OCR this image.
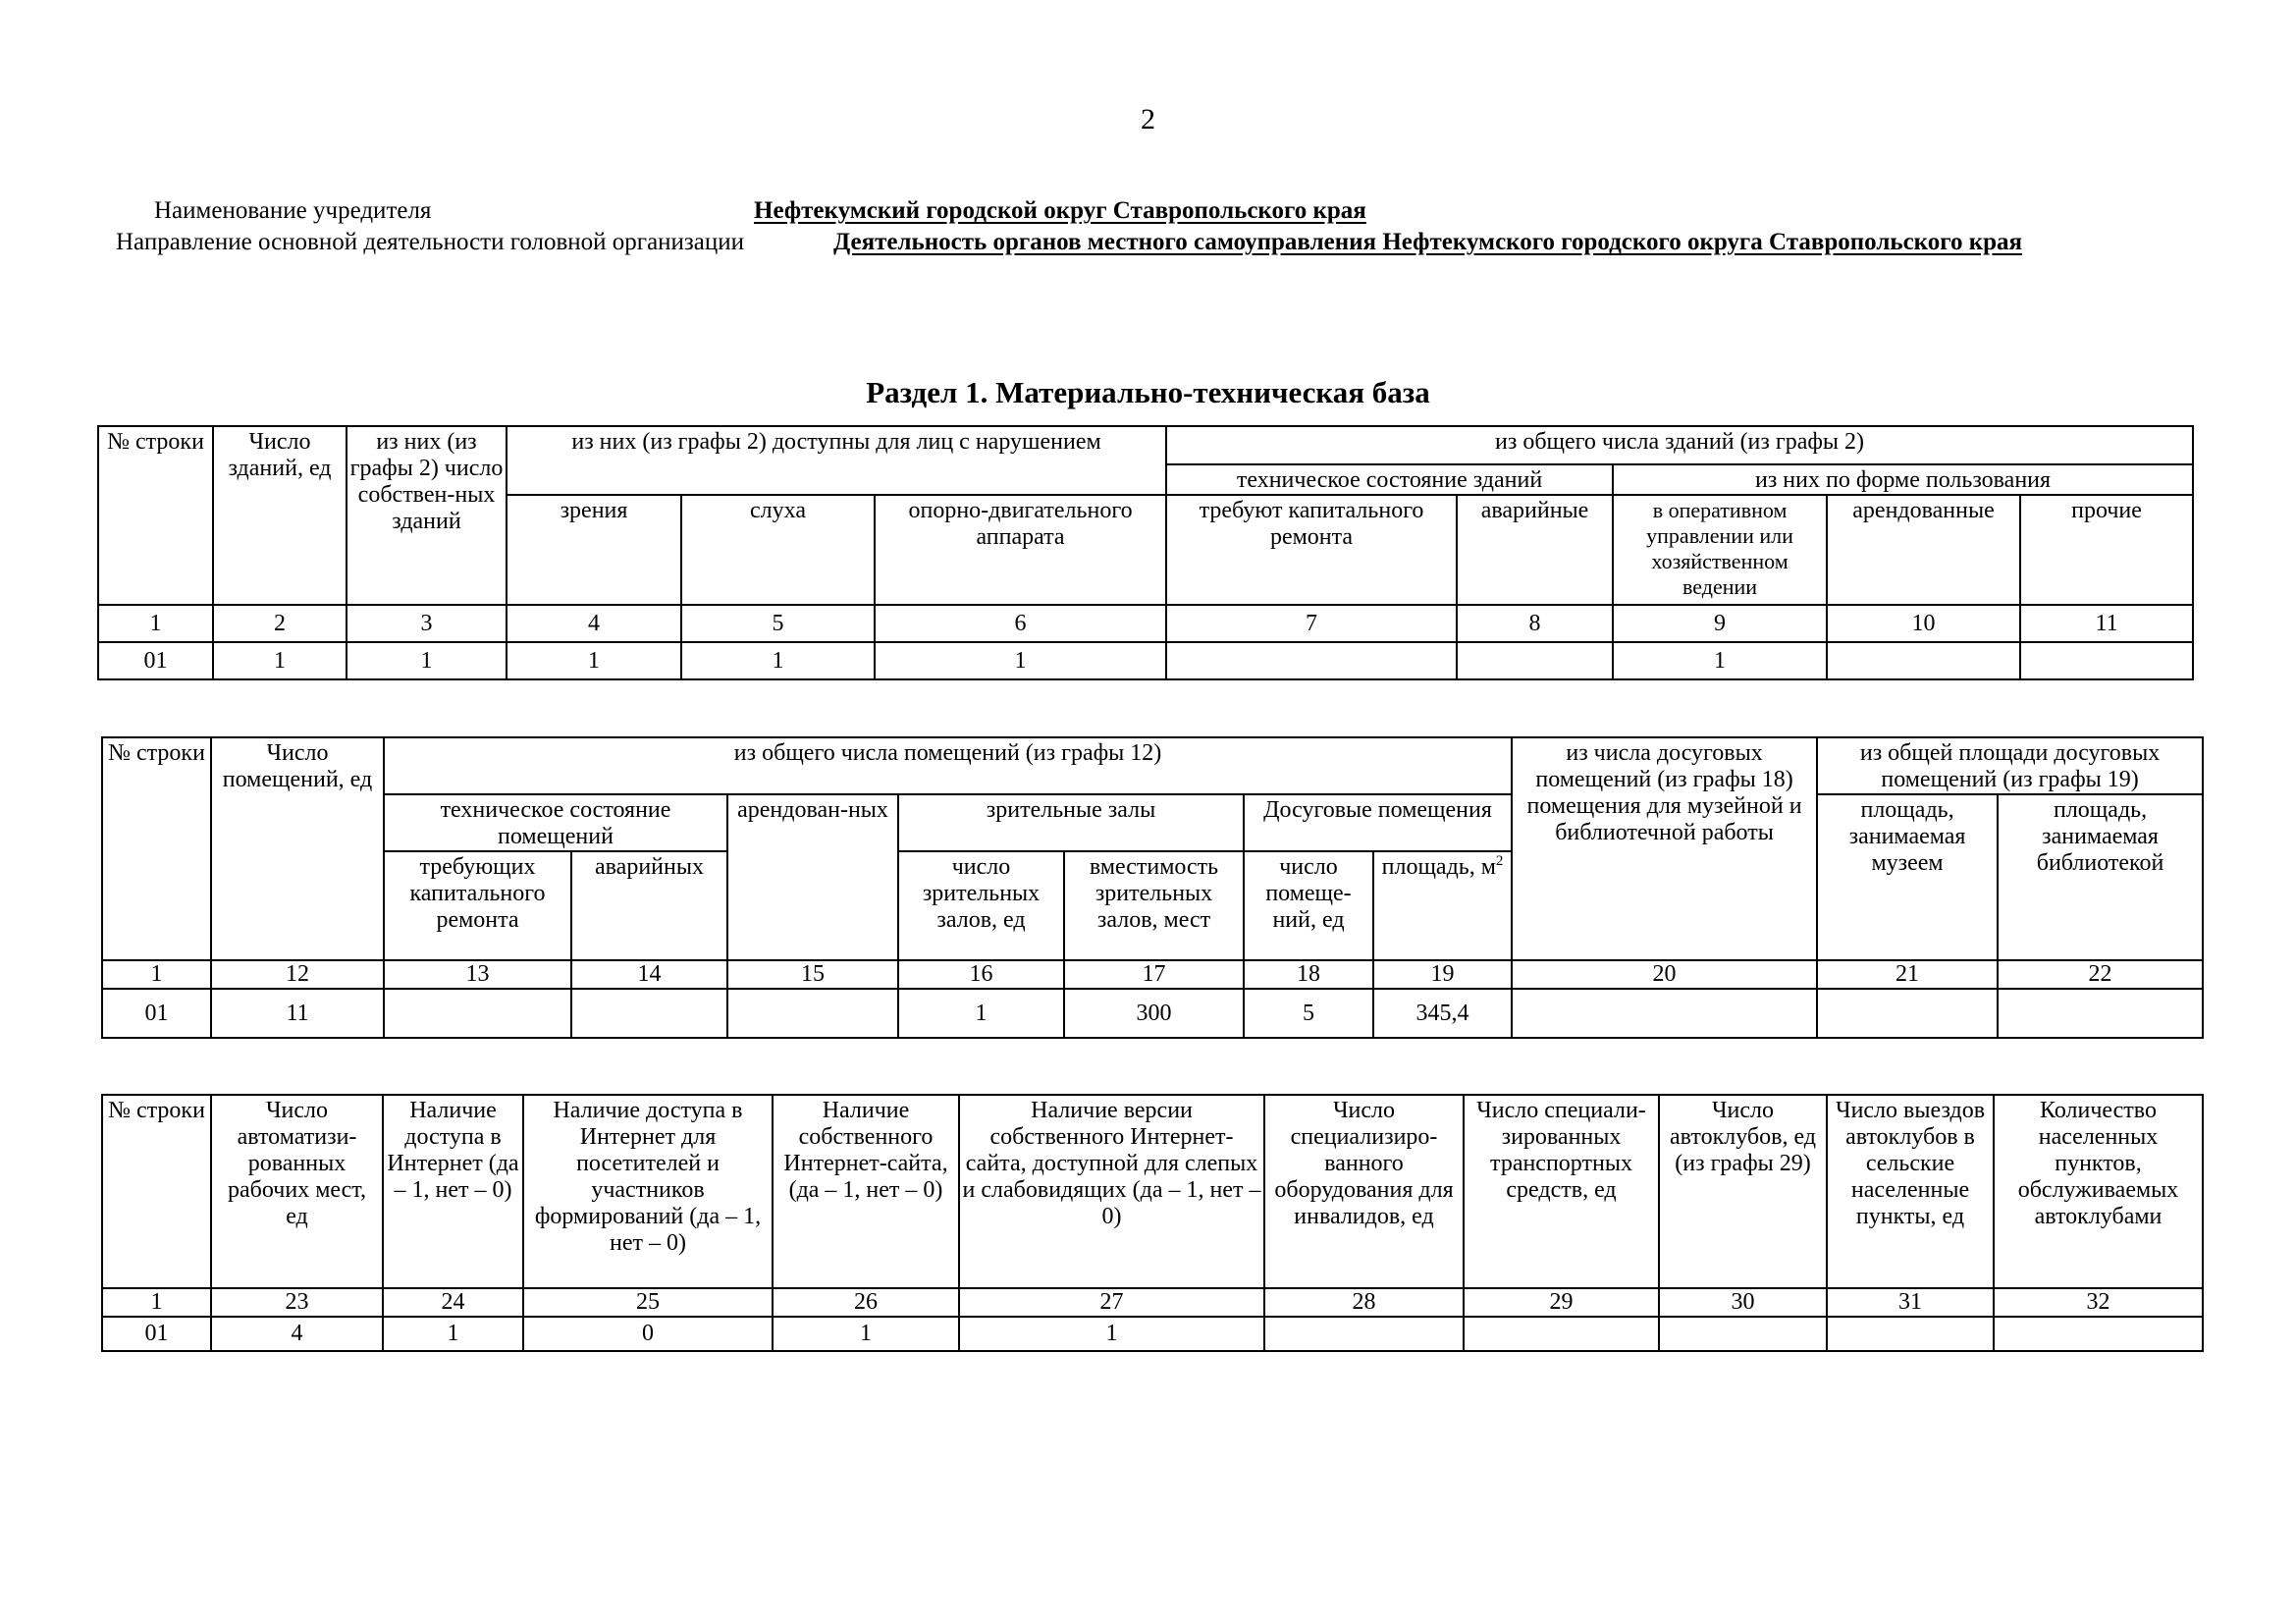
2
Наименование учредителя	Нефтекумский городской округ Ставропольского края
Направление основной деятельности головной организации	Деятельность органов местного самоуправления Нефтекумского городского округа Ставропольского края
Раздел 1. Материально-техническая база
№ строки	Число зданий, ед	из них (из графы 2) число собствен-ных зданий	из них (из графы 2) доступны для лиц с нарушением			из общего числа зданий (из графы 2)				
						техническое состояние зданий		из них по форме пользования		
			зрения	слуха	опорно-двигательного аппарата	требуют капитального ремонта	аварийные	в оперативном управлении или хозяйственном ведении	арендованные	прочие
1	2	3	4	5	6	7	8	9	10	11
01	1	1	1	1	1			1		
№ строки	Число помещений, ед	из общего числа помещений (из графы 12)							из числа досуговых помещений (из графы 18) помещения для музейной и библиотечной работы	из общей площади досуговых помещений (из графы 19)	
		техническое состояние помещений		арендован-ных	зрительные залы		Досуговые помещения			площадь, занимаемая музеем	площадь, занимаемая библиотекой
		требующих капитального ремонта	аварийных		число зрительных залов, ед	вместимость зрительных залов, мест	число помеще-ний, ед	площадь, $м^2$
1	12	13	14	15	16	17	18	19	20	21	22
01	11				1	300	5	345,4			
№ строки	Число автоматизи-рованных рабочих мест, ед	Наличие доступа в Интернет (да – 1, нет – 0)	Наличие доступа в Интернет для посетителей и участников формирований (да – 1, нет – 0)	Наличие собственного Интернет-сайта, (да – 1, нет – 0)	Наличие версии собственного Интернет-сайта, доступной для слепых и слабовидящих (да – 1, нет – 0)	Число специализиро-ванного оборудования для инвалидов, ед	Число специали-зированных транспортных средств, ед	Число автоклубов, ед (из графы 29)	Число выездов автоклубов в сельские населенные пункты, ед	Количество населенных пунктов, обслуживаемых автоклубами
1	23	24	25	26	27	28	29	30	31	32
01	4	1	0	1	1					
